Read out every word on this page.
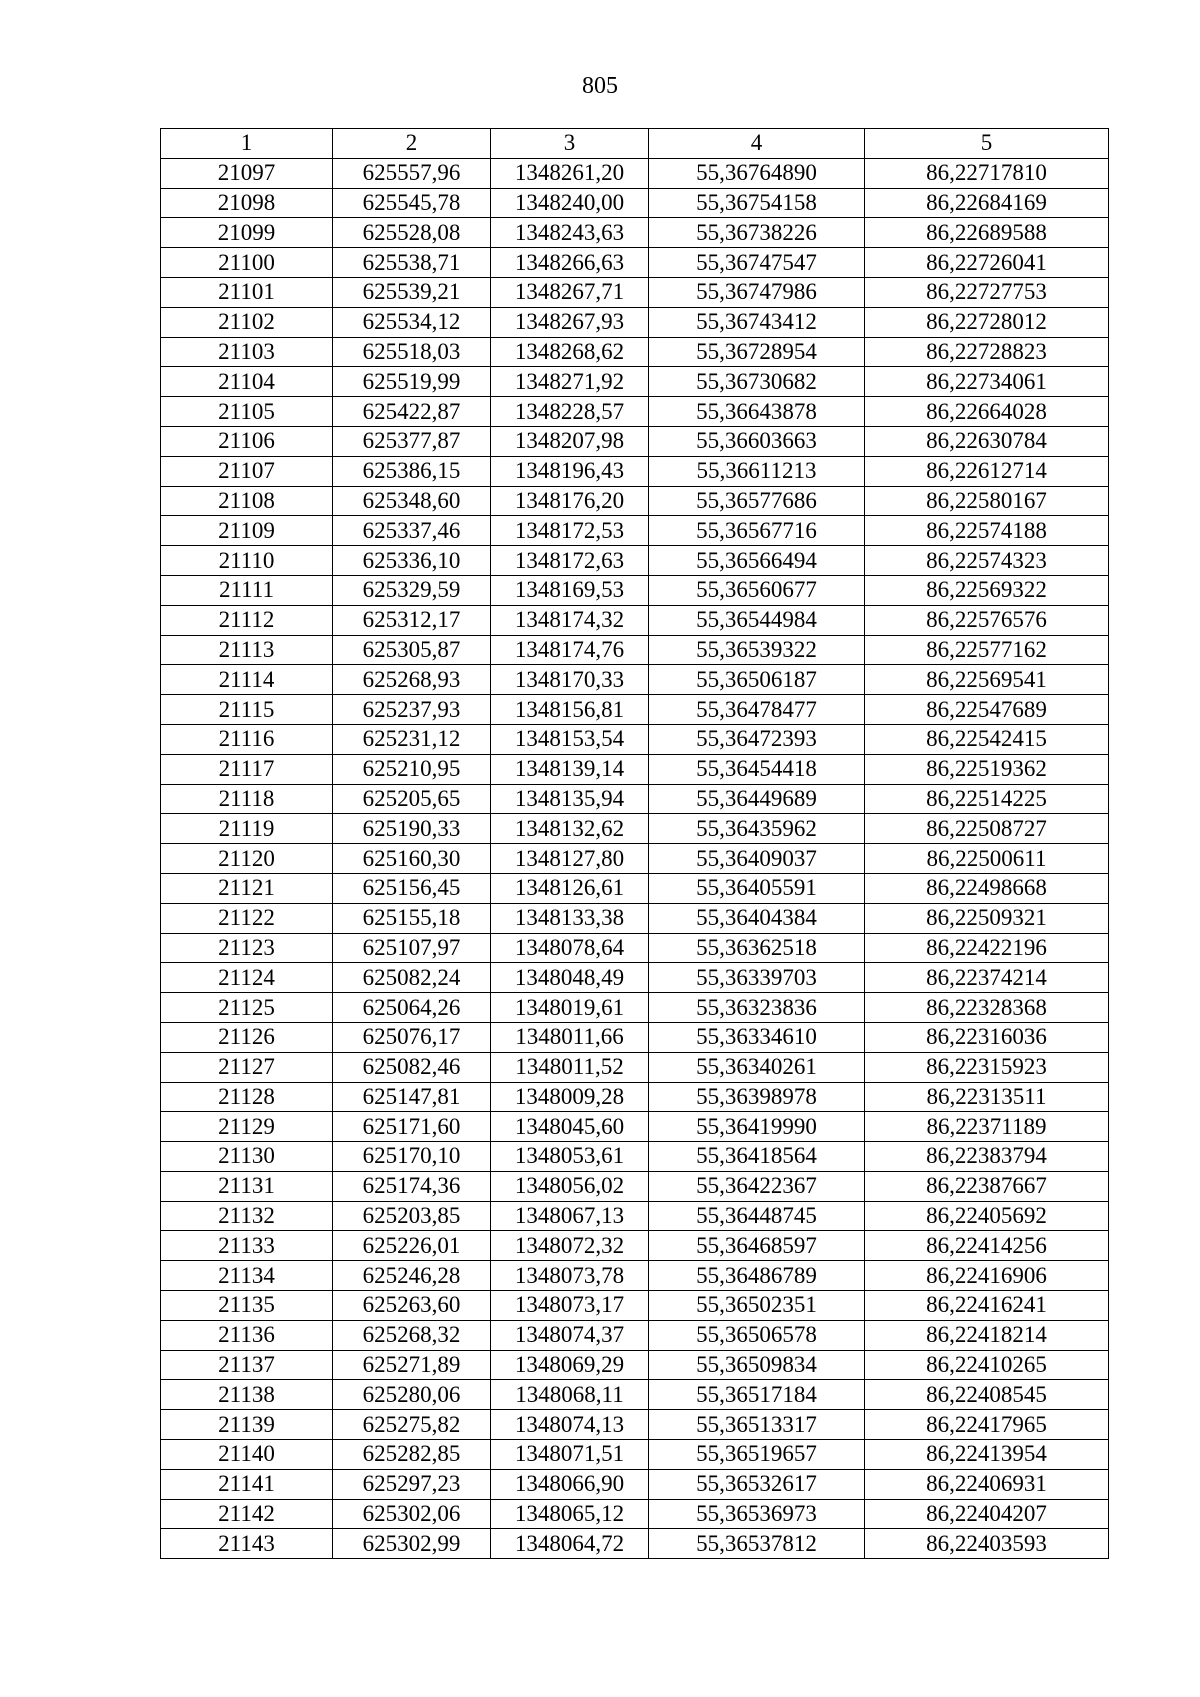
805
1	2	3	4	5
21097	625557,96	1348261,20	55,36764890	86,22717810
21098	625545,78	1348240,00	55,36754158	86,22684169
21099	625528,08	1348243,63	55,36738226	86,22689588
21100	625538,71	1348266,63	55,36747547	86,22726041
21101	625539,21	1348267,71	55,36747986	86,22727753
21102	625534,12	1348267,93	55,36743412	86,22728012
21103	625518,03	1348268,62	55,36728954	86,22728823
21104	625519,99	1348271,92	55,36730682	86,22734061
21105	625422,87	1348228,57	55,36643878	86,22664028
21106	625377,87	1348207,98	55,36603663	86,22630784
21107	625386,15	1348196,43	55,36611213	86,22612714
21108	625348,60	1348176,20	55,36577686	86,22580167
21109	625337,46	1348172,53	55,36567716	86,22574188
21110	625336,10	1348172,63	55,36566494	86,22574323
21111	625329,59	1348169,53	55,36560677	86,22569322
21112	625312,17	1348174,32	55,36544984	86,22576576
21113	625305,87	1348174,76	55,36539322	86,22577162
21114	625268,93	1348170,33	55,36506187	86,22569541
21115	625237,93	1348156,81	55,36478477	86,22547689
21116	625231,12	1348153,54	55,36472393	86,22542415
21117	625210,95	1348139,14	55,36454418	86,22519362
21118	625205,65	1348135,94	55,36449689	86,22514225
21119	625190,33	1348132,62	55,36435962	86,22508727
21120	625160,30	1348127,80	55,36409037	86,22500611
21121	625156,45	1348126,61	55,36405591	86,22498668
21122	625155,18	1348133,38	55,36404384	86,22509321
21123	625107,97	1348078,64	55,36362518	86,22422196
21124	625082,24	1348048,49	55,36339703	86,22374214
21125	625064,26	1348019,61	55,36323836	86,22328368
21126	625076,17	1348011,66	55,36334610	86,22316036
21127	625082,46	1348011,52	55,36340261	86,22315923
21128	625147,81	1348009,28	55,36398978	86,22313511
21129	625171,60	1348045,60	55,36419990	86,22371189
21130	625170,10	1348053,61	55,36418564	86,22383794
21131	625174,36	1348056,02	55,36422367	86,22387667
21132	625203,85	1348067,13	55,36448745	86,22405692
21133	625226,01	1348072,32	55,36468597	86,22414256
21134	625246,28	1348073,78	55,36486789	86,22416906
21135	625263,60	1348073,17	55,36502351	86,22416241
21136	625268,32	1348074,37	55,36506578	86,22418214
21137	625271,89	1348069,29	55,36509834	86,22410265
21138	625280,06	1348068,11	55,36517184	86,22408545
21139	625275,82	1348074,13	55,36513317	86,22417965
21140	625282,85	1348071,51	55,36519657	86,22413954
21141	625297,23	1348066,90	55,36532617	86,22406931
21142	625302,06	1348065,12	55,36536973	86,22404207
21143	625302,99	1348064,72	55,36537812	86,22403593
